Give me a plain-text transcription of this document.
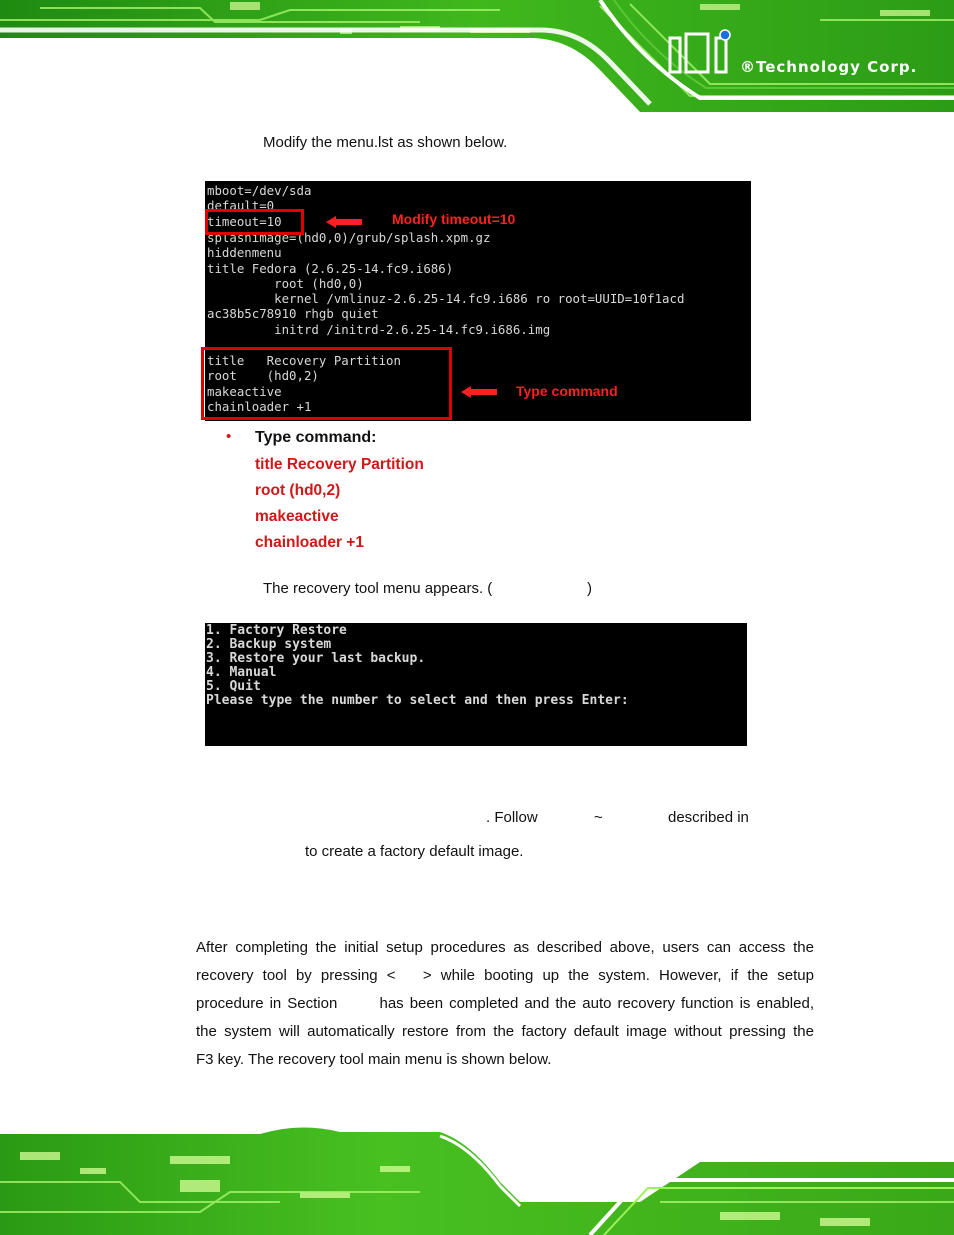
®Technology Corp.
Modify the menu.lst as shown below.
mboot=/dev/sda
default=0
timeout=10
splashimage=(hd0,0)/grub/splash.xpm.gz
hiddenmenu
title Fedora (2.6.25-14.fc9.i686)
root (hd0,0)
kernel /vmlinuz-2.6.25-14.fc9.i686 ro root=UUID=10f1acd
ac38b5c78910 rhgb quiet
initrd /initrd-2.6.25-14.fc9.i686.img
title   Recovery Partition
root    (hd0,2)
makeactive
chainloader +1
Modify timeout=10
Type command
• Type command:
title Recovery Partition
root (hd0,2)
makeactive
chainloader +1
The recovery tool menu appears. (	)
1. Factory Restore
2. Backup system
3. Restore your last backup.
4. Manual
5. Quit
Please type the number to select and then press Enter:
. Follow	~	described in
to create a factory default image.
After completing the initial setup procedures as described above, users can access the
recovery tool by pressing <   > while booting up the system. However, if the setup
procedure in Section       has been completed and the auto recovery function is enabled,
the system will automatically restore from the factory default image without pressing the
F3 key. The recovery tool main menu is shown below.
